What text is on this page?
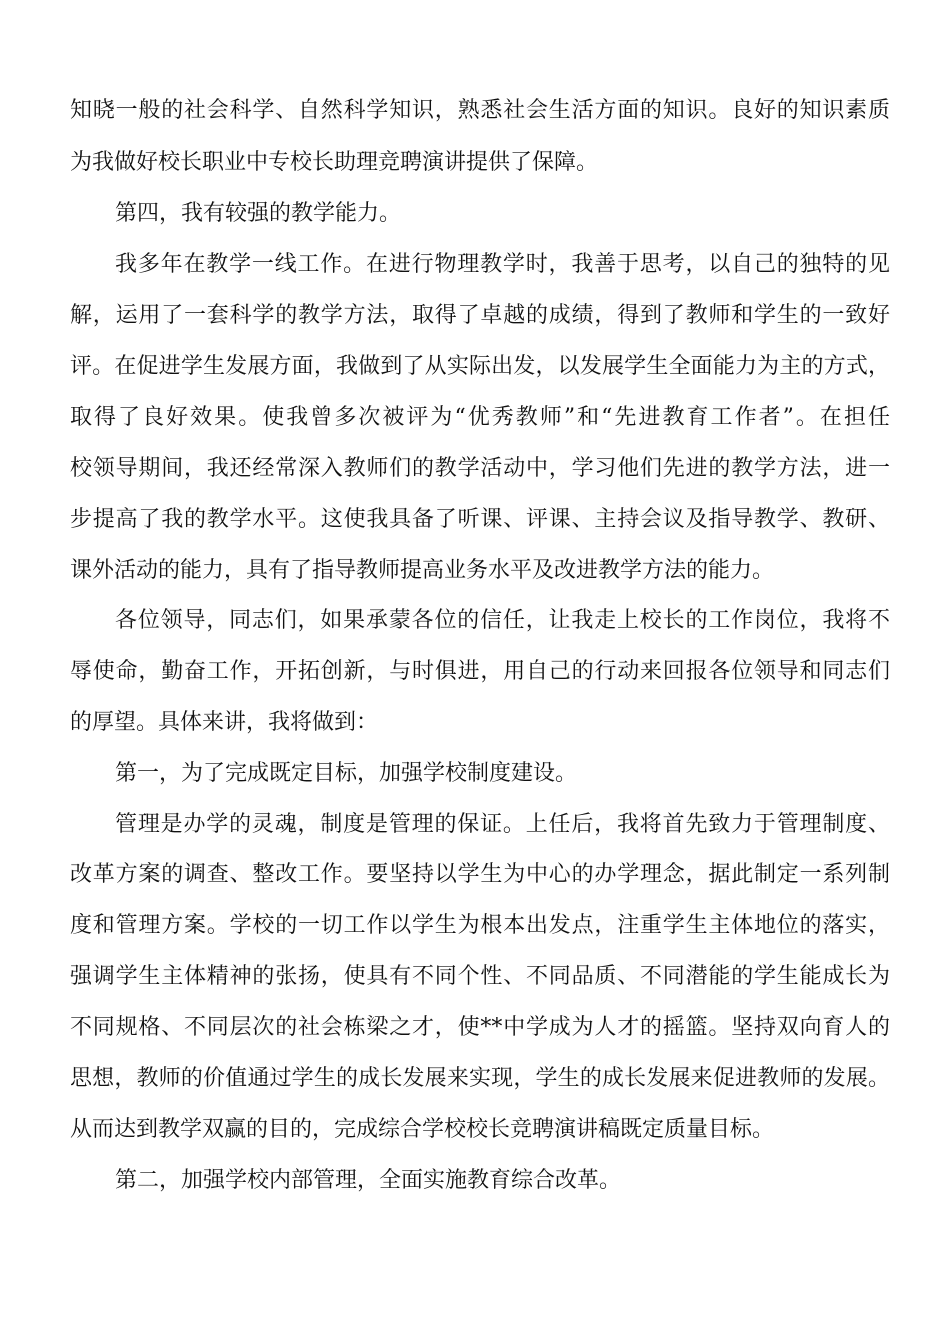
知晓一般的社会科学、自然科学知识，熟悉社会生活方面的知识。良好的知识素质
为我做好校长职业中专校长助理竞聘演讲提供了保障。
第四，我有较强的教学能力。
我多年在教学一线工作。在进行物理教学时，我善于思考，以自己的独特的见
解，运用了一套科学的教学方法，取得了卓越的成绩，得到了教师和学生的一致好
评。在促进学生发展方面，我做到了从实际出发，以发展学生全面能力为主的方式，
取得了良好效果。使我曾多次被评为“优秀教师”和“先进教育工作者”。在担任
校领导期间，我还经常深入教师们的教学活动中，学习他们先进的教学方法，进一
步提高了我的教学水平。这使我具备了听课、评课、主持会议及指导教学、教研、
课外活动的能力，具有了指导教师提高业务水平及改进教学方法的能力。
各位领导，同志们，如果承蒙各位的信任，让我走上校长的工作岗位，我将不
辱使命，勤奋工作，开拓创新，与时俱进，用自己的行动来回报各位领导和同志们
的厚望。具体来讲，我将做到：
第一，为了完成既定目标，加强学校制度建设。
管理是办学的灵魂，制度是管理的保证。上任后，我将首先致力于管理制度、
改革方案的调查、整改工作。要坚持以学生为中心的办学理念，据此制定一系列制
度和管理方案。学校的一切工作以学生为根本出发点，注重学生主体地位的落实，
强调学生主体精神的张扬，使具有不同个性、不同品质、不同潜能的学生能成长为
不同规格、不同层次的社会栋梁之才，使**中学成为人才的摇篮。坚持双向育人的
思想，教师的价值通过学生的成长发展来实现，学生的成长发展来促进教师的发展。
从而达到教学双赢的目的，完成综合学校校长竞聘演讲稿既定质量目标。
第二，加强学校内部管理，全面实施教育综合改革。
